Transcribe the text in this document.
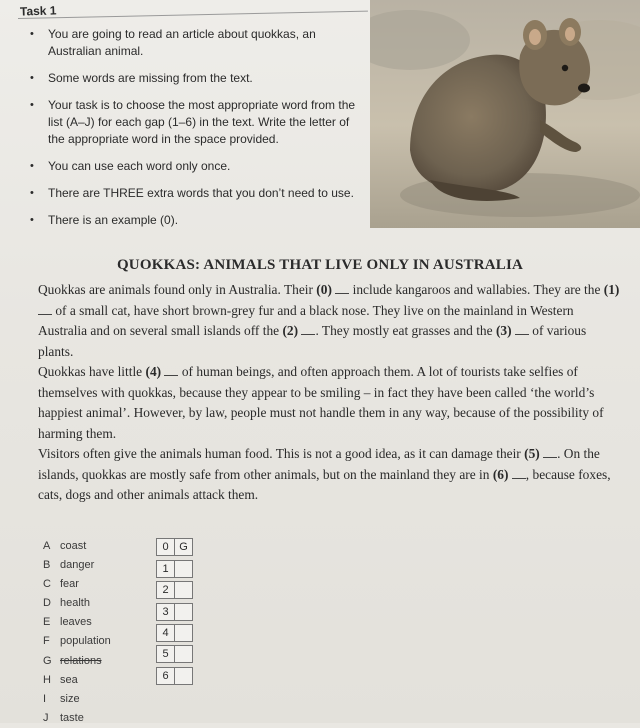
Task 1
• You are going to read an article about quokkas, an Australian animal.
• Some words are missing from the text.
• Your task is to choose the most appropriate word from the list (A–J) for each gap (1–6) in the text. Write the letter of the appropriate word in the space provided.
• You can use each word only once.
• There are THREE extra words that you don’t need to use.
• There is an example (0).
QUOKKAS: ANIMALS THAT LIVE ONLY IN AUSTRALIA

Quokkas are animals found only in Australia. Their (0)  include kangaroos and wallabies. They are the (1)  of a small cat, have short brown-grey fur and a black nose. They live on the mainland in Western Australia and on several small islands off the (2) . They mostly eat grasses and the (3)  of various plants.

Quokkas have little (4)  of human beings, and often approach them. A lot of tourists take selfies of themselves with quokkas, because they appear to be smiling – in fact they have been called ‘the world’s happiest animal’. However, by law, people must not handle them in any way, because of the possibility of harming them.

Visitors often give the animals human food. This is not a good idea, as it can damage their (5) . On the islands, quokkas are mostly safe from other animals, but on the mainland they are in (6) , because foxes, cats, dogs and other animals attack them.

A coast
B danger
C fear
D health
E leaves
F population
G relations
H sea
I size
J taste
0 G
1
2
3
4
5
6
